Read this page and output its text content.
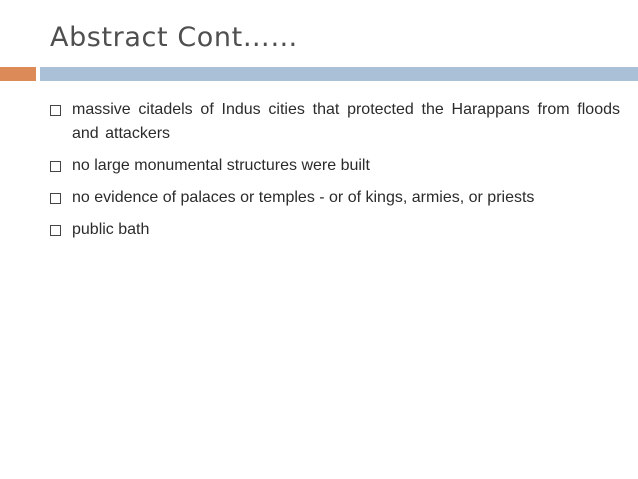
Abstract Cont……
massive citadels of Indus cities that protected the Harappans from floods and attackers
no large monumental structures were built
no evidence of palaces or temples - or of kings, armies, or priests
public bath
